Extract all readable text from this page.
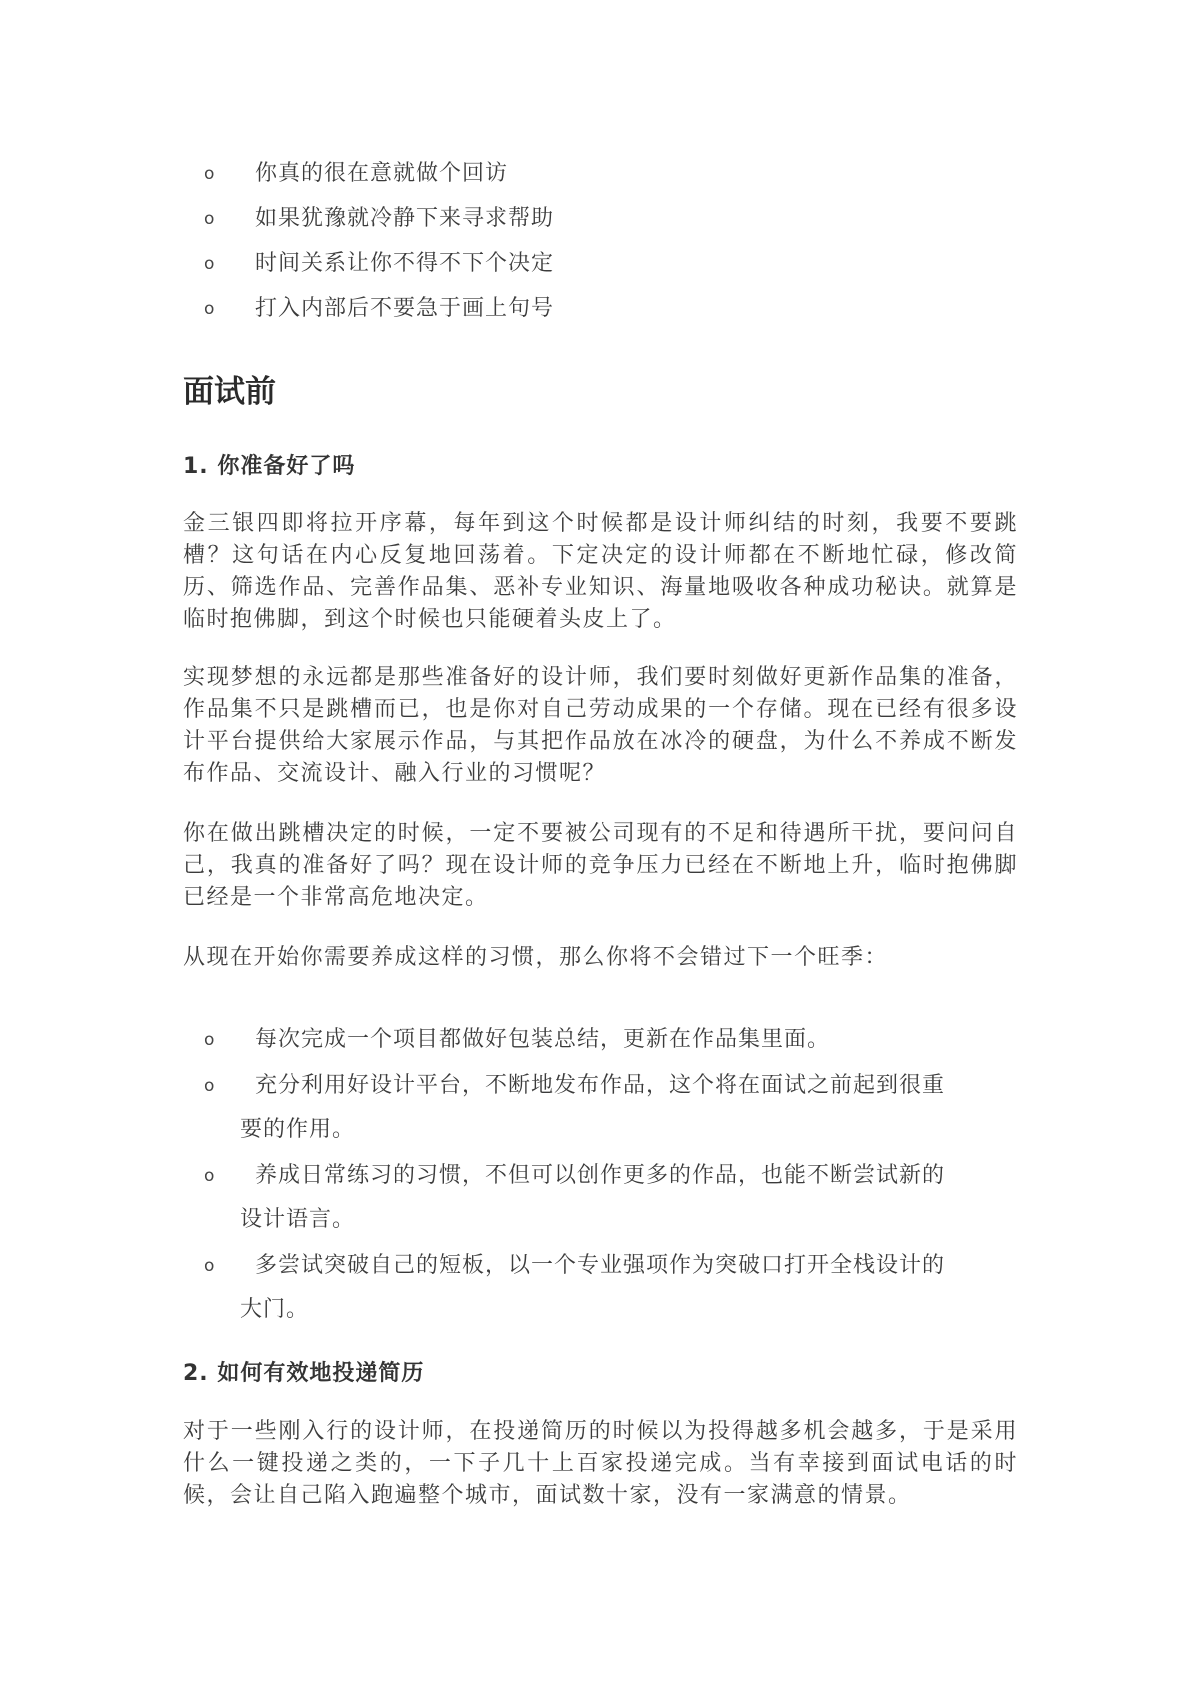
o 你真的很在意就做个回访
o 如果犹豫就冷静下来寻求帮助
o 时间关系让你不得不下个决定
o 打入内部后不要急于画上句号
面试前
1. 你准备好了吗

金三银四即将拉开序幕，每年到这个时候都是设计师纠结的时刻，我要不要跳槽？这句话在内心反复地回荡着。下定决定的设计师都在不断地忙碌，修改简历、筛选作品、完善作品集、恶补专业知识、海量地吸收各种成功秘诀。就算是临时抱佛脚，到这个时候也只能硬着头皮上了。

实现梦想的永远都是那些准备好的设计师，我们要时刻做好更新作品集的准备，作品集不只是跳槽而已，也是你对自己劳动成果的一个存储。现在已经有很多设计平台提供给大家展示作品，与其把作品放在冰冷的硬盘，为什么不养成不断发布作品、交流设计、融入行业的习惯呢？

你在做出跳槽决定的时候，一定不要被公司现有的不足和待遇所干扰，要问问自己，我真的准备好了吗？现在设计师的竞争压力已经在不断地上升，临时抱佛脚已经是一个非常高危地决定。

从现在开始你需要养成这样的习惯，那么你将不会错过下一个旺季：

o 每次完成一个项目都做好包装总结，更新在作品集里面。
o 充分利用好设计平台，不断地发布作品，这个将在面试之前起到很重
要的作用。
o 养成日常练习的习惯，不但可以创作更多的作品，也能不断尝试新的
设计语言。
o 多尝试突破自己的短板，以一个专业强项作为突破口打开全栈设计的
大门。
2. 如何有效地投递简历

对于一些刚入行的设计师，在投递简历的时候以为投得越多机会越多，于是采用什么一键投递之类的，一下子几十上百家投递完成。当有幸接到面试电话的时候，会让自己陷入跑遍整个城市，面试数十家，没有一家满意的情景。
